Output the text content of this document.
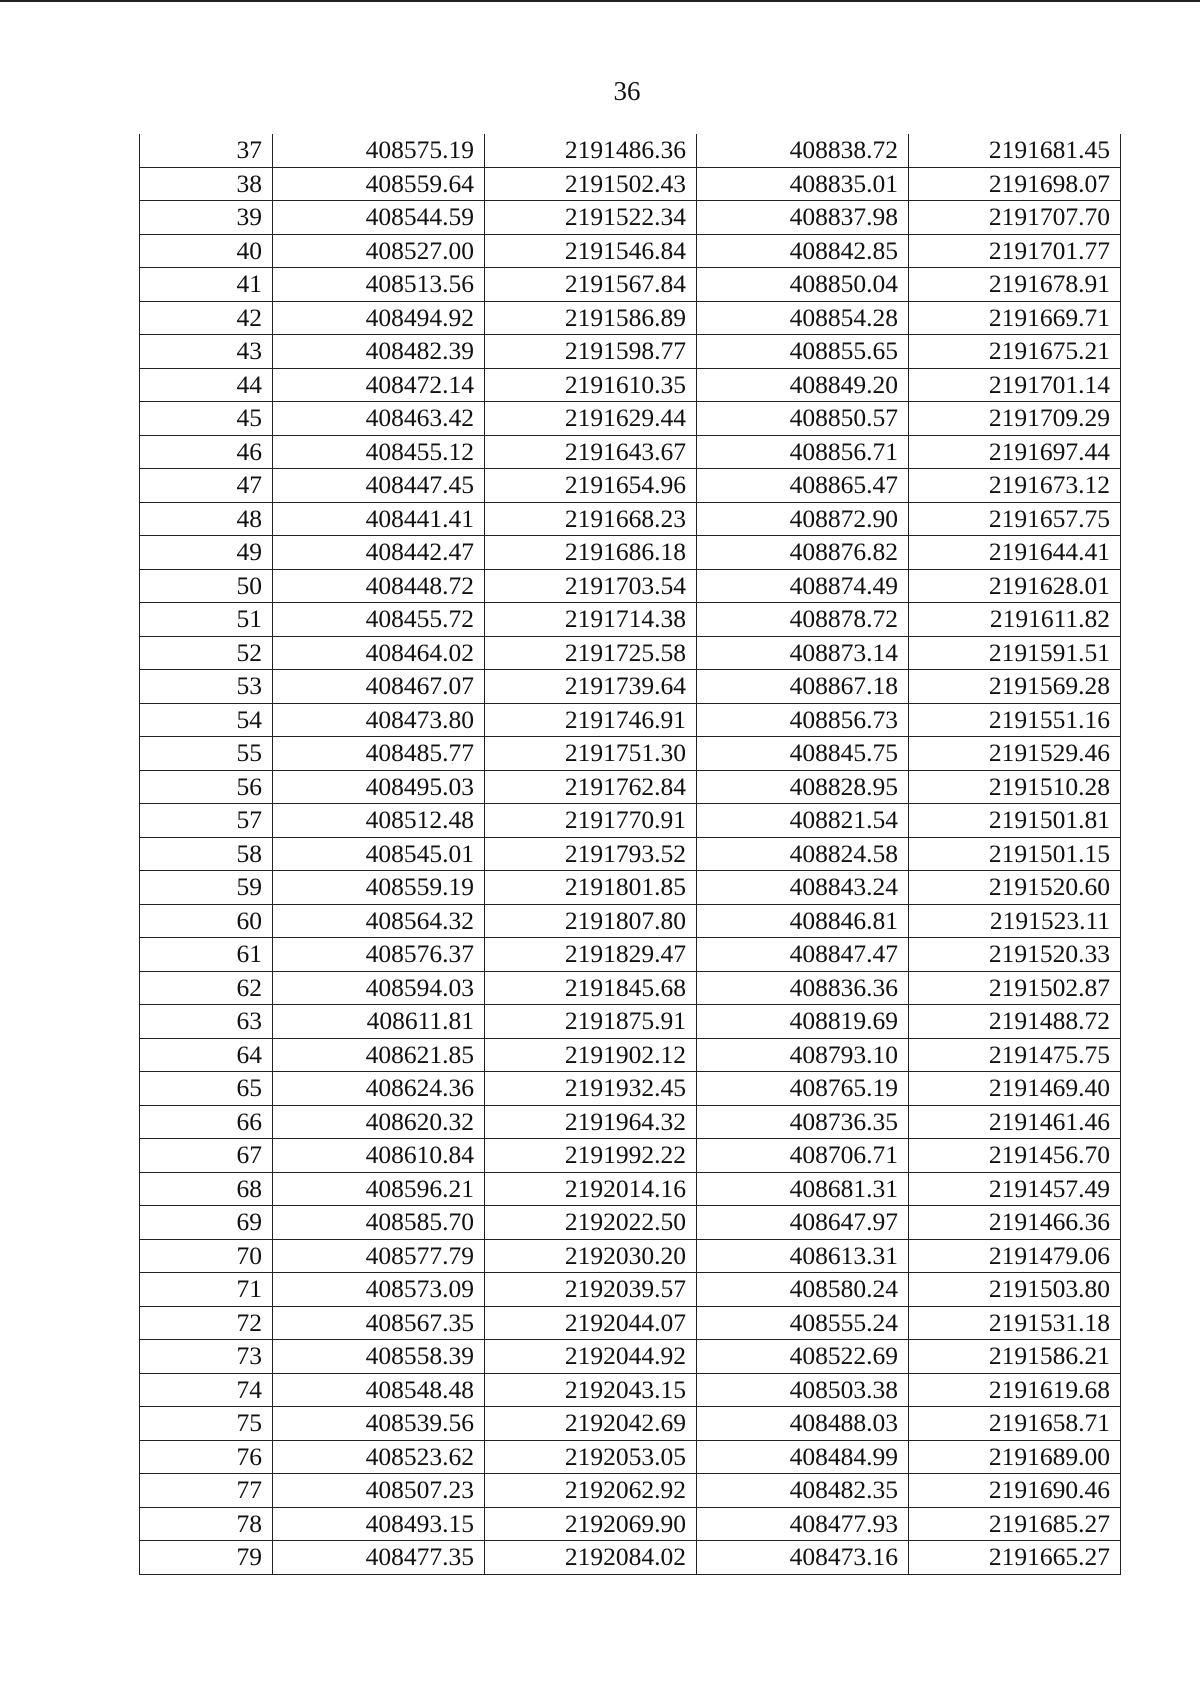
36
37	408575.19	2191486.36	408838.72	2191681.45
38	408559.64	2191502.43	408835.01	2191698.07
39	408544.59	2191522.34	408837.98	2191707.70
40	408527.00	2191546.84	408842.85	2191701.77
41	408513.56	2191567.84	408850.04	2191678.91
42	408494.92	2191586.89	408854.28	2191669.71
43	408482.39	2191598.77	408855.65	2191675.21
44	408472.14	2191610.35	408849.20	2191701.14
45	408463.42	2191629.44	408850.57	2191709.29
46	408455.12	2191643.67	408856.71	2191697.44
47	408447.45	2191654.96	408865.47	2191673.12
48	408441.41	2191668.23	408872.90	2191657.75
49	408442.47	2191686.18	408876.82	2191644.41
50	408448.72	2191703.54	408874.49	2191628.01
51	408455.72	2191714.38	408878.72	2191611.82
52	408464.02	2191725.58	408873.14	2191591.51
53	408467.07	2191739.64	408867.18	2191569.28
54	408473.80	2191746.91	408856.73	2191551.16
55	408485.77	2191751.30	408845.75	2191529.46
56	408495.03	2191762.84	408828.95	2191510.28
57	408512.48	2191770.91	408821.54	2191501.81
58	408545.01	2191793.52	408824.58	2191501.15
59	408559.19	2191801.85	408843.24	2191520.60
60	408564.32	2191807.80	408846.81	2191523.11
61	408576.37	2191829.47	408847.47	2191520.33
62	408594.03	2191845.68	408836.36	2191502.87
63	408611.81	2191875.91	408819.69	2191488.72
64	408621.85	2191902.12	408793.10	2191475.75
65	408624.36	2191932.45	408765.19	2191469.40
66	408620.32	2191964.32	408736.35	2191461.46
67	408610.84	2191992.22	408706.71	2191456.70
68	408596.21	2192014.16	408681.31	2191457.49
69	408585.70	2192022.50	408647.97	2191466.36
70	408577.79	2192030.20	408613.31	2191479.06
71	408573.09	2192039.57	408580.24	2191503.80
72	408567.35	2192044.07	408555.24	2191531.18
73	408558.39	2192044.92	408522.69	2191586.21
74	408548.48	2192043.15	408503.38	2191619.68
75	408539.56	2192042.69	408488.03	2191658.71
76	408523.62	2192053.05	408484.99	2191689.00
77	408507.23	2192062.92	408482.35	2191690.46
78	408493.15	2192069.90	408477.93	2191685.27
79	408477.35	2192084.02	408473.16	2191665.27
